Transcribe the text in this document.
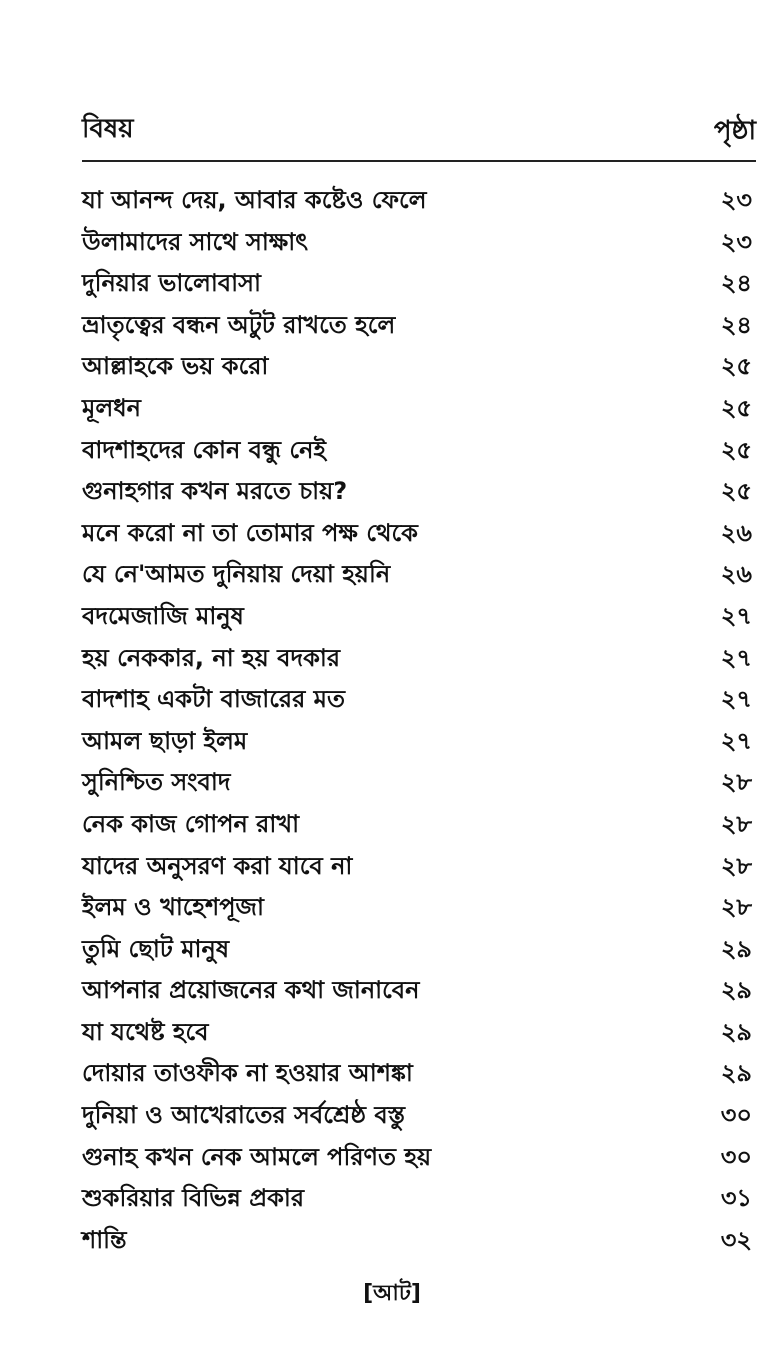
বিষয়	পৃষ্ঠা
যা আনন্দ দেয়, আবার কষ্টেও ফেলে	২৩
উলামাদের সাথে সাক্ষাৎ	২৩
দুনিয়ার ভালোবাসা	২৪
ভ্রাতৃত্বের বন্ধন অটুট রাখতে হলে	২৪
আল্লাহকে ভয় করো	২৫
মূলধন	২৫
বাদশাহদের কোন বন্ধু নেই	২৫
গুনাহগার কখন মরতে চায়?	২৫
মনে করো না তা তোমার পক্ষ থেকে	২৬
যে নে'আমত দুনিয়ায় দেয়া হয়নি	২৬
বদমেজাজি মানুষ	২৭
হয় নেককার, না হয় বদকার	২৭
বাদশাহ একটা বাজারের মত	২৭
আমল ছাড়া ইলম	২৭
সুনিশ্চিত সংবাদ	২৮
নেক কাজ গোপন রাখা	২৮
যাদের অনুসরণ করা যাবে না	২৮
ইলম ও খাহেশপূজা	২৮
তুমি ছোট মানুষ	২৯
আপনার প্রয়োজনের কথা জানাবেন	২৯
যা যথেষ্ট হবে	২৯
দোয়ার তাওফীক না হওয়ার আশঙ্কা	২৯
দুনিয়া ও আখেরাতের সর্বশ্রেষ্ঠ বস্তু	৩০
গুনাহ কখন নেক আমলে পরিণত হয়	৩০
শুকরিয়ার বিভিন্ন প্রকার	৩১
শান্তি	৩২
[আট]
